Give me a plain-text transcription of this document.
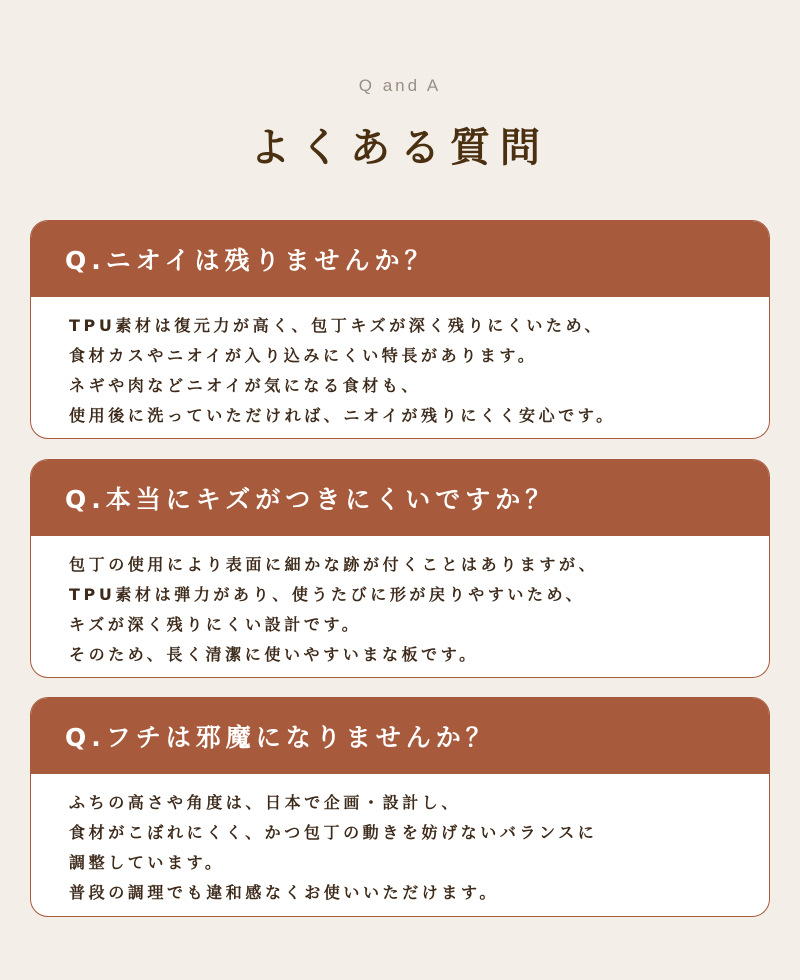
Q and A
よくある質問
Q.ニオイは残りませんか？
TPU素材は復元力が高く、包丁キズが深く残りにくいため、
食材カスやニオイが入り込みにくい特長があります。
ネギや肉などニオイが気になる食材も、
使用後に洗っていただければ、ニオイが残りにくく安心です。
Q.本当にキズがつきにくいですか？
包丁の使用により表面に細かな跡が付くことはありますが、
TPU素材は弾力があり、使うたびに形が戻りやすいため、
キズが深く残りにくい設計です。
そのため、長く清潔に使いやすいまな板です。
Q.フチは邪魔になりませんか？
ふちの高さや角度は、日本で企画・設計し、
食材がこぼれにくく、かつ包丁の動きを妨げないバランスに
調整しています。
普段の調理でも違和感なくお使いいただけます。
